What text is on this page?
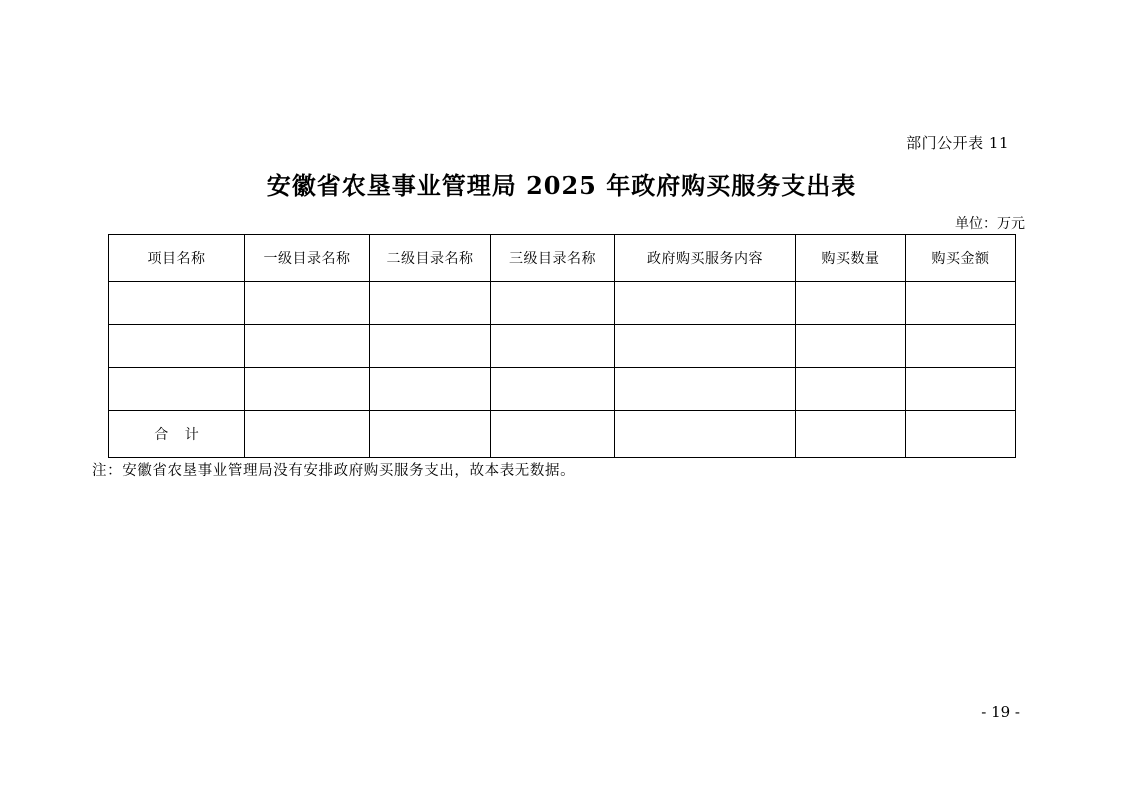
部门公开表 11
安徽省农垦事业管理局 2025 年政府购买服务支出表
单位：万元
项目名称	一级目录名称	二级目录名称	三级目录名称	政府购买服务内容	购买数量	购买金额

合 计						
注：安徽省农垦事业管理局没有安排政府购买服务支出，故本表无数据。
- 19 -
